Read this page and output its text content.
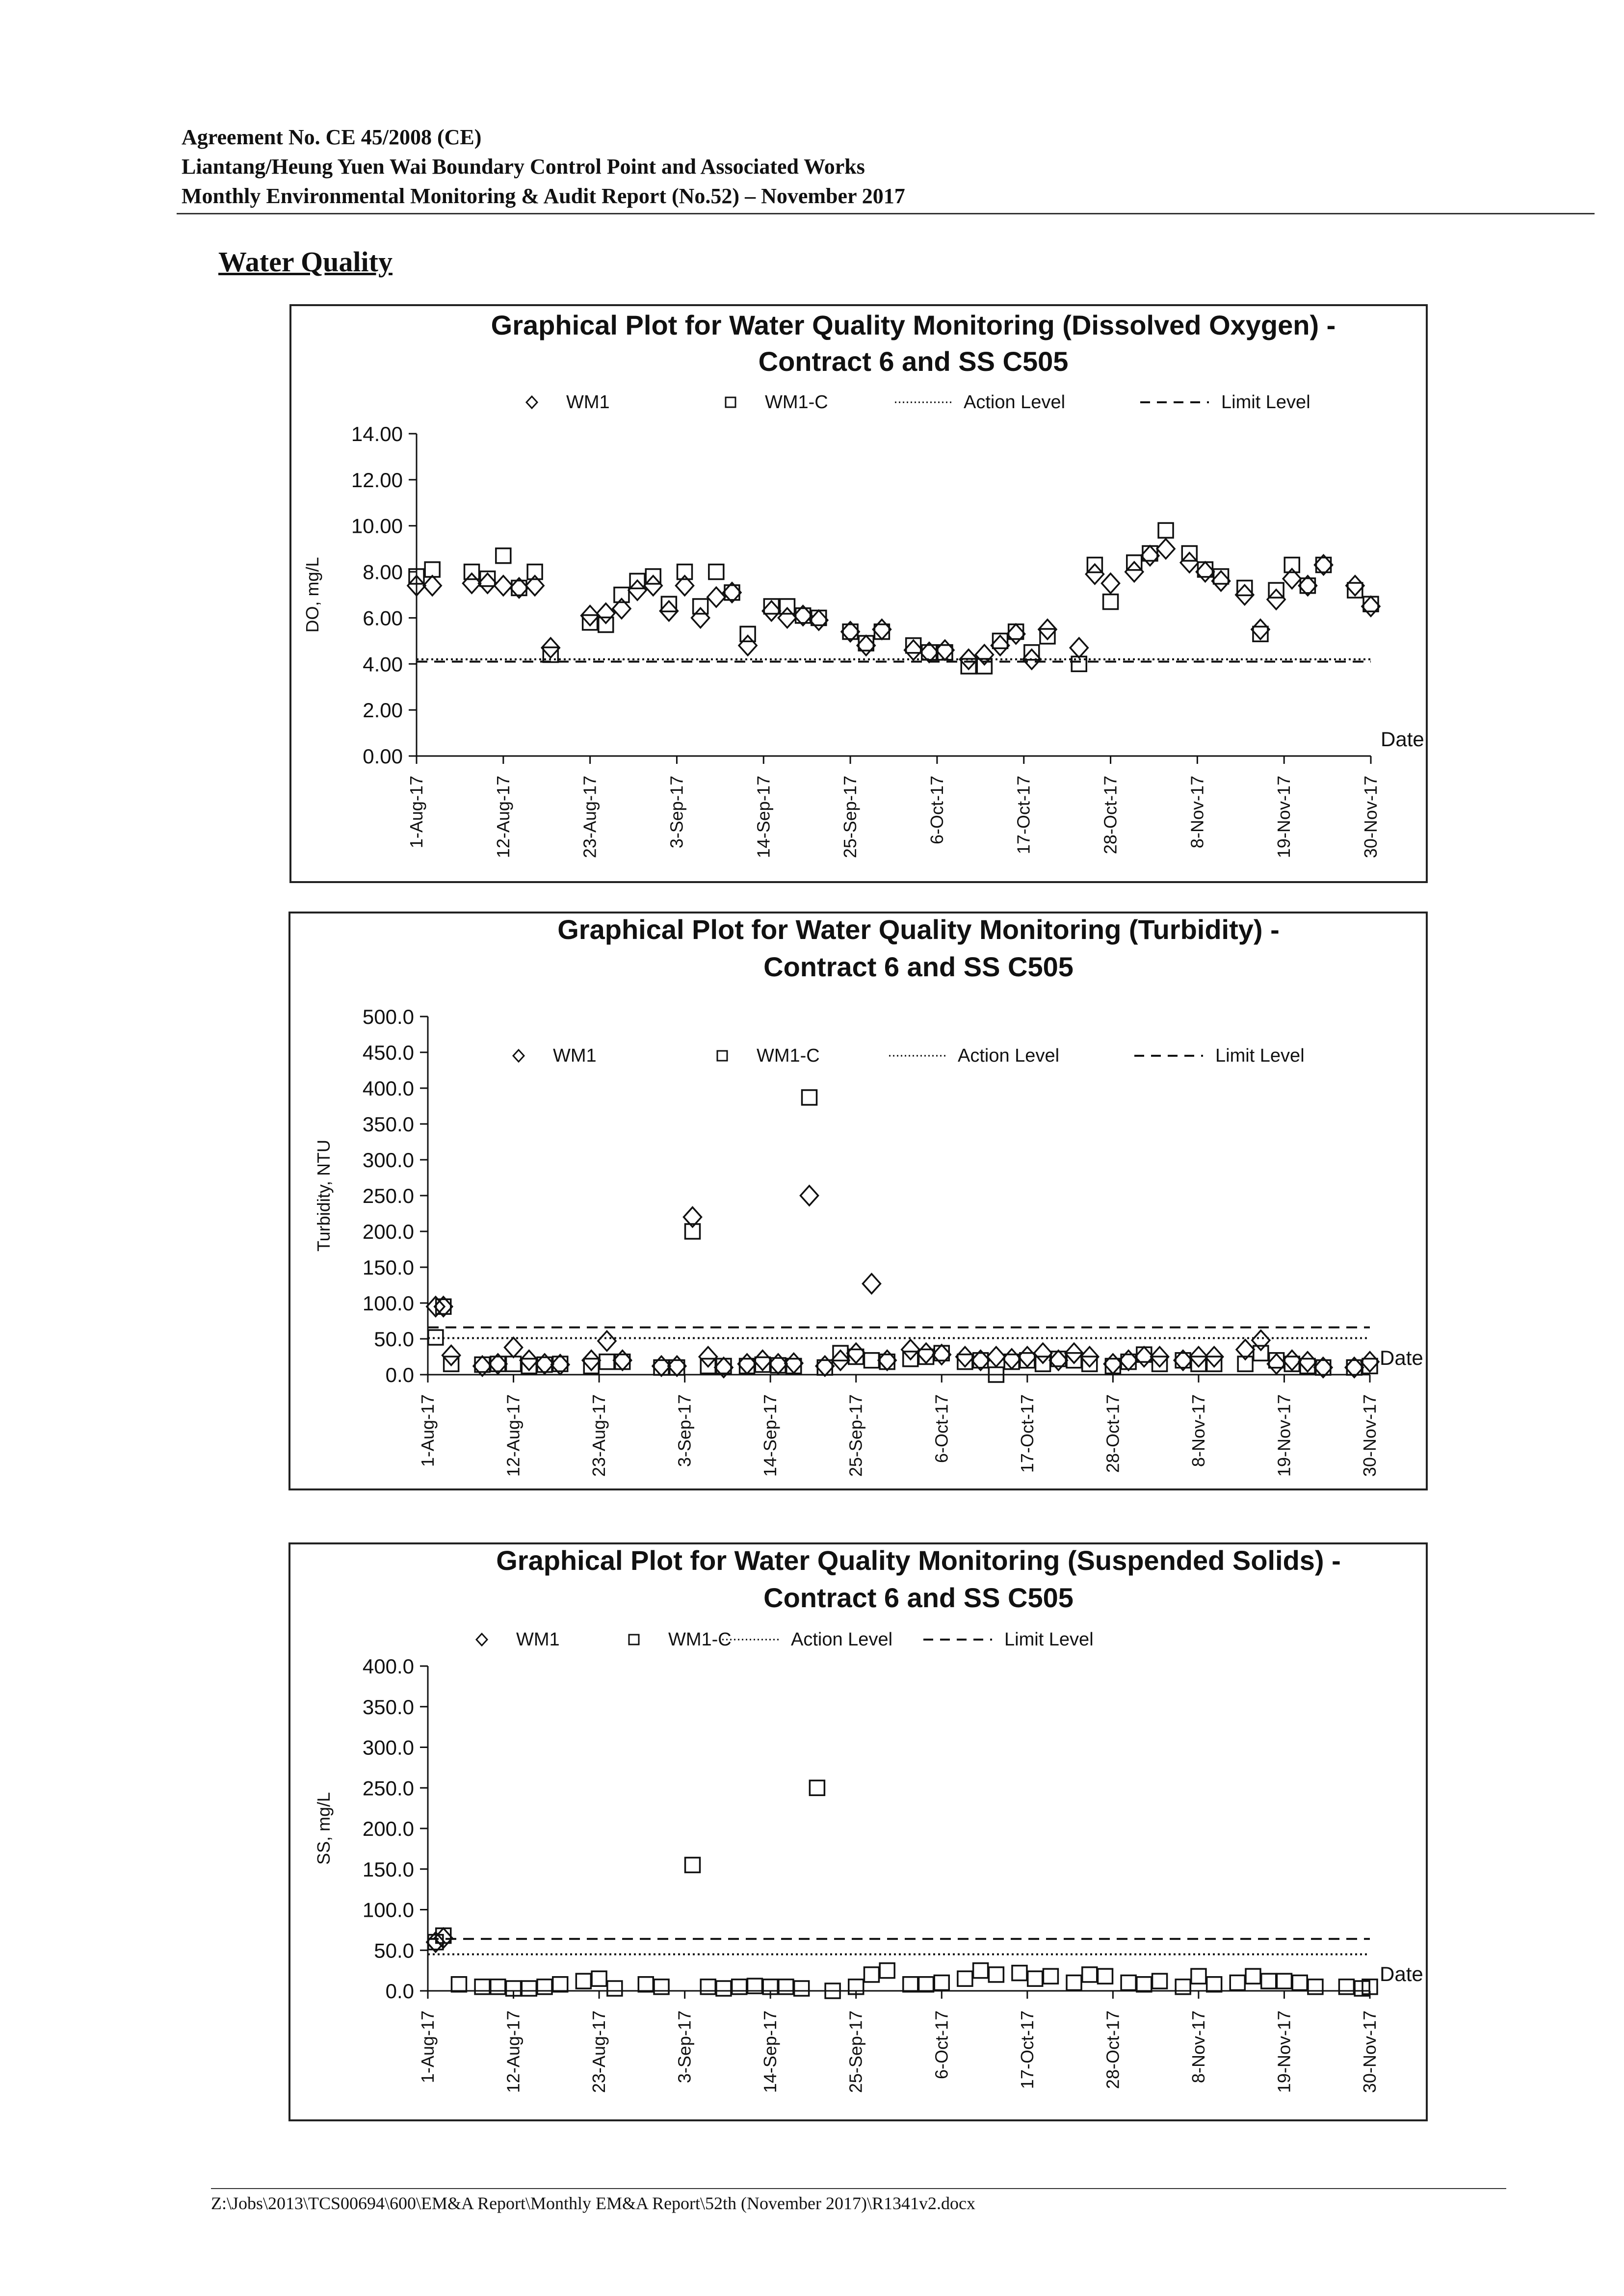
Agreement No. CE 45/2008 (CE)
Liantang/Heung Yuen Wai Boundary Control Point and Associated Works
Monthly Environmental Monitoring & Audit Report (No.52) – November 2017
Water Quality
Graphical Plot for Water Quality Monitoring (Dissolved Oxygen) -
Contract 6 and SS C505
0.00
2.00
4.00
6.00
8.00
10.00
12.00
14.00
DO, mg/L
1-Aug-17	12-Aug-17	23-Aug-17	3-Sep-17	14-Sep-17	25-Sep-17	6-Oct-17	17-Oct-17	28-Oct-17	8-Nov-17	19-Nov-17	30-Nov-17
Date
WM1	WM1-C	Action Level	Limit Level
Graphical Plot for Water Quality Monitoring (Turbidity) -
Contract 6 and SS C505
0.0
50.0
100.0
150.0
200.0
250.0
300.0
350.0
400.0
450.0
500.0
Turbidity, NTU
1-Aug-17	12-Aug-17	23-Aug-17	3-Sep-17	14-Sep-17	25-Sep-17	6-Oct-17	17-Oct-17	28-Oct-17	8-Nov-17	19-Nov-17	30-Nov-17
Date
WM1	WM1-C	Action Level	Limit Level
Graphical Plot for Water Quality Monitoring (Suspended Solids) -
Contract 6 and SS C505
0.0
50.0
100.0
150.0
200.0
250.0
300.0
350.0
400.0
SS, mg/L
1-Aug-17	12-Aug-17	23-Aug-17	3-Sep-17	14-Sep-17	25-Sep-17	6-Oct-17	17-Oct-17	28-Oct-17	8-Nov-17	19-Nov-17	30-Nov-17
Date
WM1	WM1-C	Action Level	Limit Level
Z:\Jobs\2013\TCS00694\600\EM&A Report\Monthly EM&A Report\52th (November 2017)\R1341v2.docx
